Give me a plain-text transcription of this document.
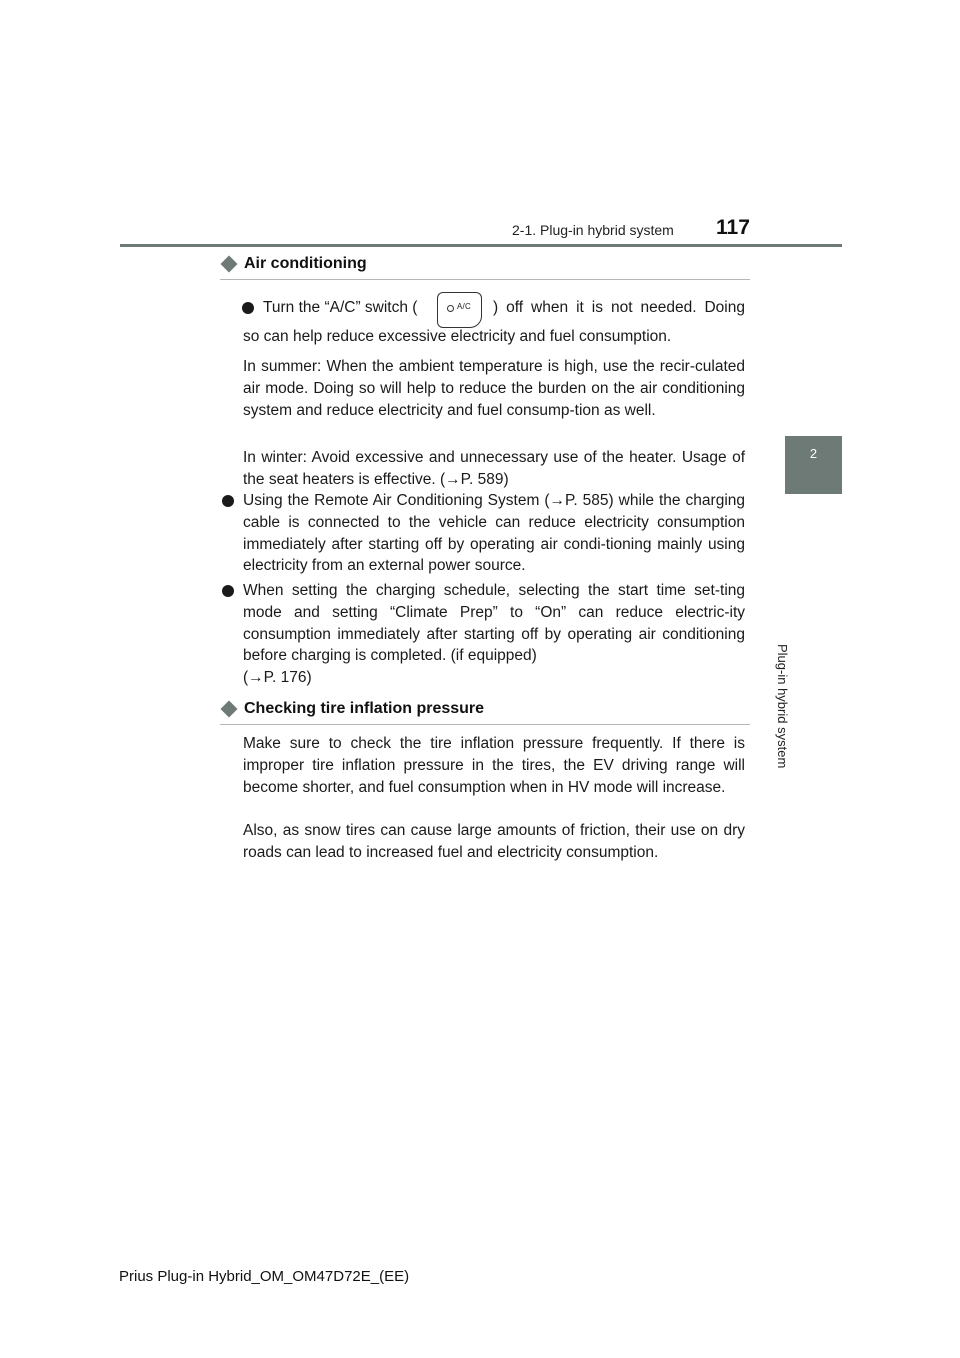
2-1. Plug-in hybrid system 117
2
Plug-in hybrid system
Air conditioning
Turn the “A/C” switch (	A/C ) off when it is not needed. Doing
so can help reduce excessive electricity and fuel consumption.
In summer: When the ambient temperature is high, use the recir-culated air mode. Doing so will help to reduce the burden on the air conditioning system and reduce electricity and fuel consump-tion as well.
In winter: Avoid excessive and unnecessary use of the heater. Usage of the seat heaters is effective. (→P. 589)
Using the Remote Air Conditioning System (→P. 585) while the charging cable is connected to the vehicle can reduce electricity consumption immediately after starting off by operating air condi-tioning mainly using electricity from an external power source.
When setting the charging schedule, selecting the start time set-ting mode and setting “Climate Prep” to “On” can reduce electric-ity consumption immediately after starting off by operating air conditioning before charging is completed. (if equipped)
(→P. 176)
Checking tire inflation pressure
Make sure to check the tire inflation pressure frequently. If there is improper tire inflation pressure in the tires, the EV driving range will become shorter, and fuel consumption when in HV mode will increase.
Also, as snow tires can cause large amounts of friction, their use on dry roads can lead to increased fuel and electricity consumption.
Prius Plug-in Hybrid_OM_OM47D72E_(EE)
